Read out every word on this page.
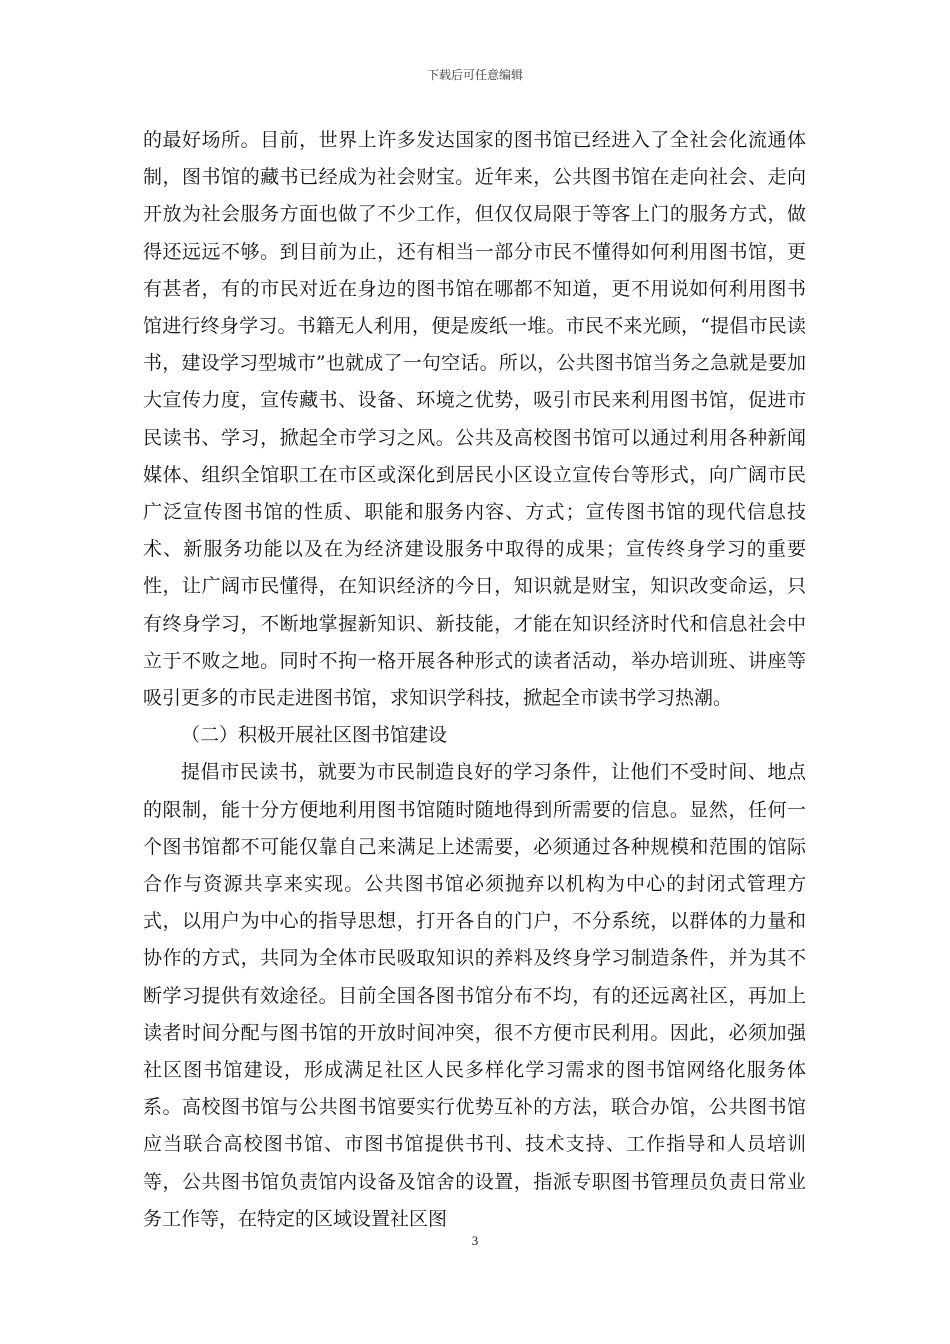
下载后可任意编辑

的最好场所。目前，世界上许多发达国家的图书馆已经进入了全社会化流通体制，图书馆的藏书已经成为社会财宝。近年来，公共图书馆在走向社会、走向开放为社会服务方面也做了不少工作，但仅仅局限于等客上门的服务方式，做得还远远不够。到目前为止，还有相当一部分市民不懂得如何利用图书馆，更有甚者，有的市民对近在身边的图书馆在哪都不知道，更不用说如何利用图书馆进行终身学习。书籍无人利用，便是废纸一堆。市民不来光顾，“提倡市民读书，建设学习型城市”也就成了一句空话。所以，公共图书馆当务之急就是要加大宣传力度，宣传藏书、设备、环境之优势，吸引市民来利用图书馆，促进市民读书、学习，掀起全市学习之风。公共及高校图书馆可以通过利用各种新闻媒体、组织全馆职工在市区或深化到居民小区设立宣传台等形式，向广阔市民广泛宣传图书馆的性质、职能和服务内容、方式；宣传图书馆的现代信息技术、新服务功能以及在为经济建设服务中取得的成果；宣传终身学习的重要性，让广阔市民懂得，在知识经济的今日，知识就是财宝，知识改变命运，只有终身学习，不断地掌握新知识、新技能，才能在知识经济时代和信息社会中立于不败之地。同时不拘一格开展各种形式的读者活动，举办培训班、讲座等吸引更多的市民走进图书馆，求知识学科技，掀起全市读书学习热潮。

（二）积极开展社区图书馆建设

提倡市民读书，就要为市民制造良好的学习条件，让他们不受时间、地点的限制，能十分方便地利用图书馆随时随地得到所需要的信息。显然，任何一个图书馆都不可能仅靠自己来满足上述需要，必须通过各种规模和范围的馆际合作与资源共享来实现。公共图书馆必须抛弃以机构为中心的封闭式管理方式，以用户为中心的指导思想，打开各自的门户，不分系统，以群体的力量和协作的方式，共同为全体市民吸取知识的养料及终身学习制造条件，并为其不断学习提供有效途径。目前全国各图书馆分布不均，有的还远离社区，再加上读者时间分配与图书馆的开放时间冲突，很不方便市民利用。因此，必须加强社区图书馆建设，形成满足社区人民多样化学习需求的图书馆网络化服务体系。高校图书馆与公共图书馆要实行优势互补的方法，联合办馆，公共图书馆应当联合高校图书馆、市图书馆提供书刊、技术支持、工作指导和人员培训等，公共图书馆负责馆内设备及馆舍的设置，指派专职图书管理员负责日常业务工作等，在特定的区域设置社区图

3
